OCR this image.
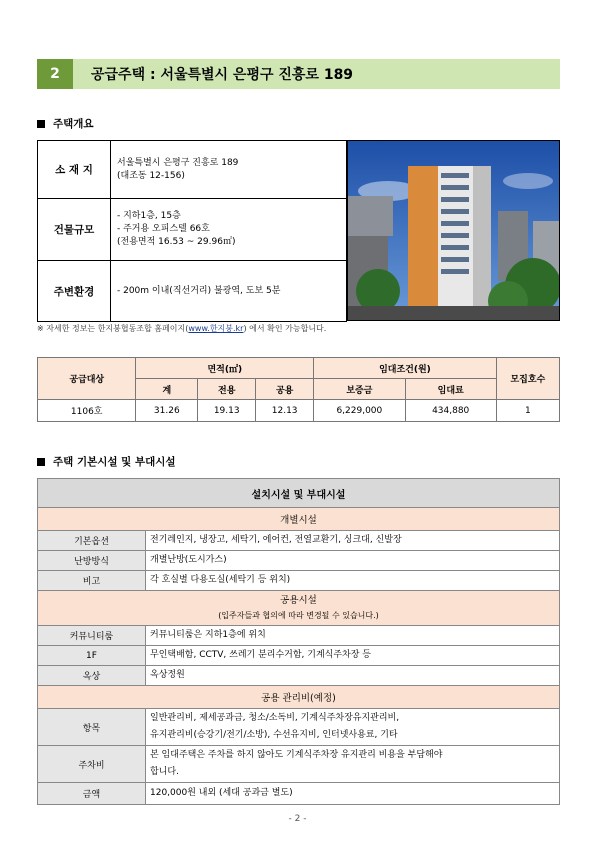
2	공급주택 : 서울특별시 은평구 진흥로 189
주택개요
소 재 지	서울특별시 은평구 진흥로 189
(대조동 12-156)

건물규모	- 지하1층, 15층
- 주거용 오피스텔 66호
(전용면적 16.53 ~ 29.96㎡)

주변환경	- 200m 이내(직선거리) 불광역, 도보 5분
※ 자세한 정보는 한지붕협동조합 홈페이지(www.한지붕.kr) 에서 확인 가능합니다.
공급대상	면적(㎡)			임대조건(원)		모집호수
	계	전용	공용	보증금	임대료	
1106호	31.26	19.13	12.13	6,229,000	434,880	1
주택 기본시설 및 부대시설
설치시설 및 부대시설	
개별시설	
기본옵션	전기레인지, 냉장고, 세탁기, 에어컨, 전열교환기, 싱크대, 신발장
난방방식	개별난방(도시가스)
비고	각 호실별 다용도실(세탁기 등 위치)

공용시설
(입주자들과 협의에 따라 변경될 수 있습니다.)	

커뮤니티룸	커뮤니티룸은 지하1층에 위치
1F	무인택배함, CCTV, 쓰레기 분리수거함, 기계식주차장 등
옥상	옥상정원
공용 관리비(예정)	
항목	일반관리비, 제세공과금, 청소/소독비, 기계식주차장유지관리비,
유지관리비(승강기/전기/소방), 수선유지비, 인터넷사용료, 기타

주차비	본 임대주택은 주차를 하지 않아도 기계식주차장 유지관리 비용을 부담해야
합니다.

금액	120,000원 내외 (세대 공과금 별도)
- 2 -
